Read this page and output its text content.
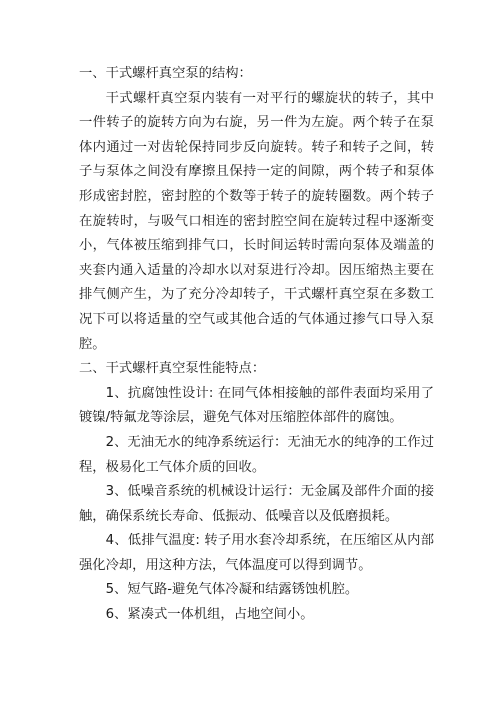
一、干式螺杆真空泵的结构：

干式螺杆真空泵内装有一对平行的螺旋状的转子，其中一件转子的旋转方向为右旋，另一件为左旋。两个转子在泵体内通过一对齿轮保持同步反向旋转。转子和转子之间，转子与泵体之间没有摩擦且保持一定的间隙，两个转子和泵体形成密封腔，密封腔的个数等于转子的旋转圈数。两个转子在旋转时，与吸气口相连的密封腔空间在旋转过程中逐渐变小，气体被压缩到排气口，长时间运转时需向泵体及端盖的夹套内通入适量的冷却水以对泵进行冷却。因压缩热主要在排气侧产生，为了充分冷却转子，干式螺杆真空泵在多数工况下可以将适量的空气或其他合适的气体通过掺气口导入泵腔。

二、干式螺杆真空泵性能特点：

1、抗腐蚀性设计: 在同气体相接触的部件表面均采用了镀镍/特氟龙等涂层，避免气体对压缩腔体部件的腐蚀。

2、无油无水的纯净系统运行：无油无水的纯净的工作过程，极易化工气体介质的回收。

3、低噪音系统的机械设计运行：无金属及部件介面的接触，确保系统长寿命、低振动、低噪音以及低磨损耗。

4、低排气温度: 转子用水套冷却系统，在压缩区从内部强化冷却，用这种方法，气体温度可以得到调节。

5、短气路-避免气体冷凝和结露锈蚀机腔。

6、紧凑式一体机组，占地空间小。
